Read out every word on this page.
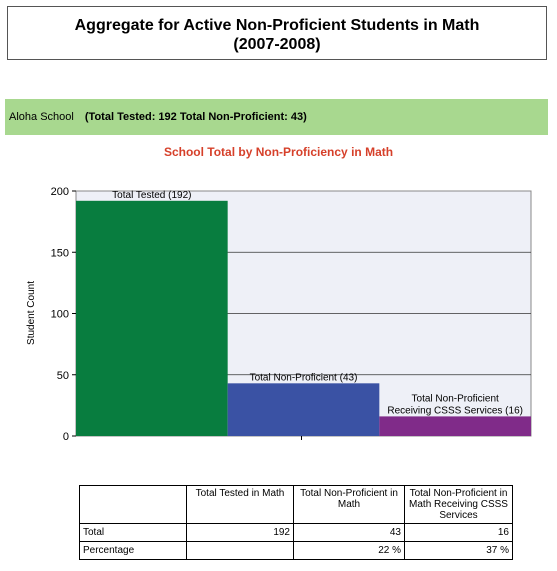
Aggregate for Active Non-Proficient Students in Math
(2007-2008)
Aloha School (Total Tested: 192 Total Non-Proficient: 43)
School Total by Non-Proficiency in Math
0
50
100
150
200	Total Tested (192)
Total Non-Proficient (43)
Total Non-Proficient Receiving CSSS Services (16)
Student Count
	Total Tested in Math	Total Non-Proficient in Math	Total Non-Proficient in Math Receiving CSSS Services
Total	192	43	16
Percentage		22 %	37 %
